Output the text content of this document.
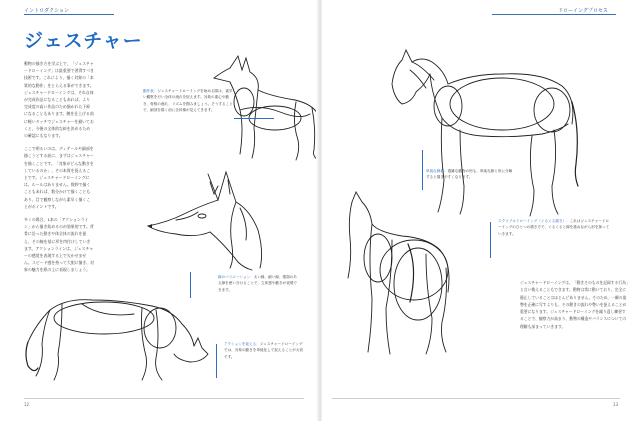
イントロダクション
ジェスチャー

動物の描き方を学ぶ上で、「ジェスチャードローイング」は最重要で習得すべき技術です。これにより、描く対象の「本質的な動作」をとらえる事ができます。ジェスチャードローイングは、それ自体が完成作品になることもあれば、より完成度の高い作品のため描かれた下絵になることもあります。腕を仕上げる前に軽いタッチでジェスチャーを描いておくと、今後の全体的な絵を決めるための確認にもなります。

ここで明るいのは、ディテールや細部を描こうとする前に、まずはジェスチャーを描くことです。「対象がどんな動きをしているのか」、その本質を捉えることです。ジェスチャードローイングには、ルールはありません。数秒で描くこともあれば、数分かけて描くこともあり、目で観察しながら素早く描くことがポイントです。

多くの場合、1本の「アクションライン」から描き始めるのが効果的です。背骨に沿った動きや体全体の流れを捉え、その線を基に形を肉付けしていきます。アクションラインは、ジェスチャーの感覚を表現する上で欠かせません。スピード感を持って大胆に描き、対象の魅力を紙の上に表現しましょう。

動作表：ジェスチャードローイングを始める際は、素早い観察を行い全体の流れを捉えます。対象の重心や動き、骨格の流れ、リズムを掴みましょう。そうすることで、細部を描く前に全体像が見えてきます。
線のバリエーション：太い線、細い線、強弱のある線を使い分けることで、立体感や動きが表現できます。
アクションを捉える：ジェスチャードローイングでは、対象の動きを単純化して捉えることが大切です。
12
ドローイングプロセス
単純な線描：複雑な動物の形も、単純な線と形に分解すると描きやすくなります。
スクリブルドローイング（ぐるぐる描き）：これはジェスチャードローイングのひとつの描き方で、ぐるぐると線を重ねながら形を探っていきます。
ジェスチャードローイングは、「動きそのものを記録する行為」と言い換えることもできます。動物は常に動いており、完全に静止していることはほとんどありません。そのため、一瞬の姿勢を正確に写すよりも、その動きの流れや勢いを捉えることが重要になります。ジェスチャードローイングを繰り返し練習することで、観察力が高まり、動物の構造やバランスについての理解も深まっていきます。
13
